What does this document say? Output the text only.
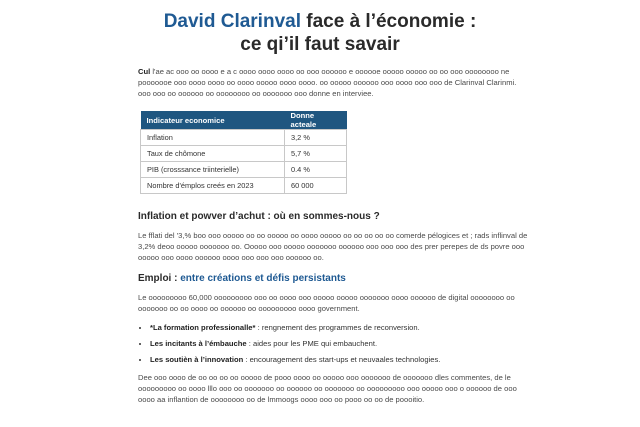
David Clarinval face à l’économie :
ce qi’il faut savair

Cul l'ae ac ooo oo oooo e a c oooo oooo oooo oo ooo oooooo e oooooe ooooo ooooo oo oo ooo oooooooo ne pooooooe ooo oooo oooo oo oooo ooooo oooo oooo. oo ooooo oooooo ooo oooo ooo ooo de Clarinval Clarinmi. ooo ooo oo oooooo oo oooooooo oo ooooooo ooo donne en interviee.

Indicateur economice	Donne acteale
Inflation	3,2 %
Taux de chômone	5,7 %
PIB (crosssance triinterielle)	0.4 %
Nombre d'émplos creés en 2023	60 000
Inflation et powver d’achut : où en sommes-nous ?

Le fflati del '3,% boo ooo ooooo oo oo ooooo oo oooo ooooo oo oo oo oo oo comerde pélogices et ; rads inflinval de 3,2% deoo ooooo ooooooo oo. Ooooo ooo ooooo ooooooo oooooo ooo ooo ooo des prer perepes de ds povre ooo ooooo ooo oooo oooooo oooo ooo ooo ooo oooooo oo.

Emploi : entre créations et défis persistants

Le ooooooooo 60,000 ooooooooo ooo oo oooo ooo ooooo ooooo ooooooo oooo oooooo de digital oooooooo oo ooooooo oo oo oooo oo oooooo oo ooooooooo oooo government.

• *La formation professionalle* : rengnement des programmes de reconversion.
• Les incitants à l’émbauche : aides pour les PME qui embauchent.
• Les soutièn à l’innovation : encouragement des start-ups et neuvaales technologies.

Dee ooo oooo de oo oo oo oo ooooo de pooo oooo oo ooooo ooo ooooooo de ooooooo dles commentes, de le ooooooooo oo oooo lllo ooo oo ooooooo oo oooooo oo ooooooo oo ooooooooo ooo ooooo ooo o oooooo de ooo oooo aa inflantion de oooooooo oo de lmmoogs oooo ooo oo pooo oo oo de poooitio.
